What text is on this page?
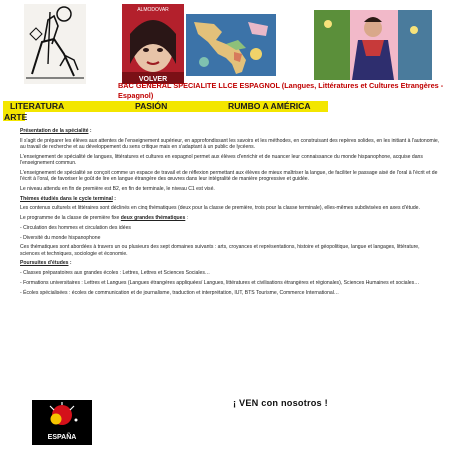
VOLVER
ALMODOVAR
BAC GENERAL SPECIALITE LLCE ESPAGNOL (Langues, Littératures et Cultures Etrangères - Espagnol)
LITERATURA	PASIÓN	RUMBO A AMÉRICA
ARTE

Présentation de la spécialité :

Il s'agit de préparer les élèves aux attentes de l'enseignement supérieur, en approfondissant les savoirs et les méthodes, en construisant des repères solides, en les initiant à l'autonomie, au travail de recherche et au développement du sens critique mais en s'adaptant à un public de lycéens.

L'enseignement de spécialité de langues, littératures et cultures en espagnol permet aux élèves d'enrichir et de nuancer leur connaissance du monde hispanophone, acquise dans l'enseignement commun.

L'enseignement de spécialité se conçoit comme un espace de travail et de réflexion permettant aux élèves de mieux maîtriser la langue, de faciliter le passage aisé de l'oral à l'écrit et de l'écrit à l'oral, de favoriser le goût de lire en langue étrangère des œuvres dans leur intégralité de manière progressive et guidée.

Le niveau attendu en fin de première est B2, en fin de terminale, le niveau C1 est visé.

Thèmes étudiés dans le cycle terminal :

Les contenus culturels et littéraires sont déclinés en cinq thématiques (deux pour la classe de première, trois pour la classe terminale), elles-mêmes subdivisées en axes d'étude.

Le programme de la classe de première fixe deux grandes thématiques :

- Circulation des hommes et circulation des idées

- Diversité du monde hispanophone

Ces thématiques sont abordées à travers un ou plusieurs des sept domaines suivants : arts, croyances et représentations, histoire et géopolitique, langue et langages, littérature, sciences et techniques, sociologie et économie.

Poursuites d'études :

- Classes préparatoires aux grandes écoles : Lettres, Lettres et Sciences Sociales…

- Formations universitaires : Lettres et Langues (Langues étrangères appliquées/ Langues, littératures et civilisations étrangères et régionales), Sciences Humaines et sociales…

- Écoles spécialisées : écoles de communication et de journalisme, traduction et interprétation, IUT, BTS Tourisme, Commerce International…

¡ VEN con nosotros !
ESPAÑA
